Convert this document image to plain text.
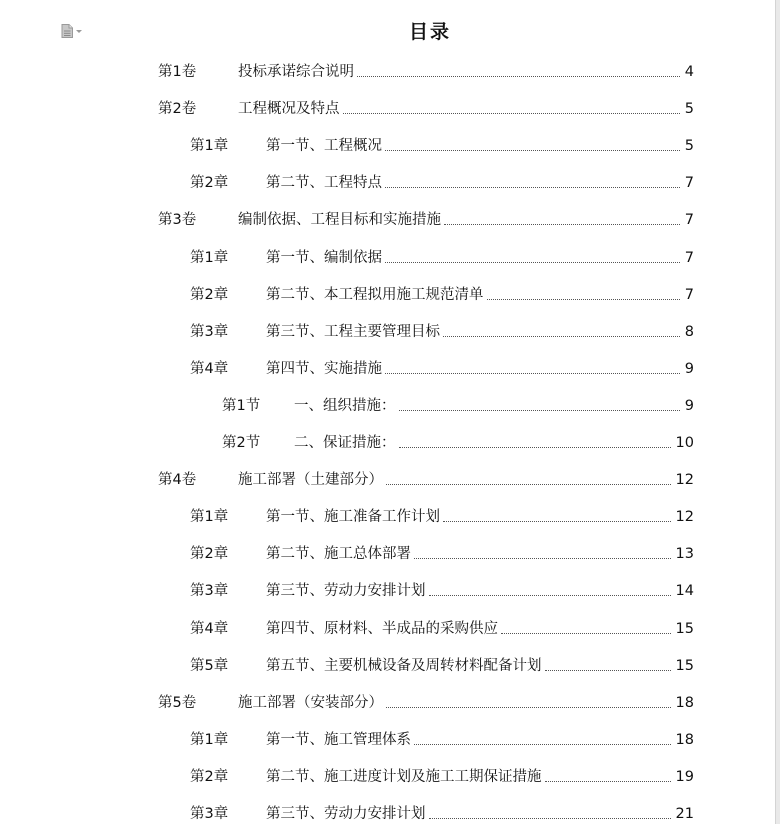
目录
第1卷	投标承诺综合说明	4
第2卷	工程概况及特点	5
第1章	第一节、工程概况	5
第2章	第二节、工程特点	7
第3卷	编制依据、工程目标和实施措施	7
第1章	第一节、编制依据	7
第2章	第二节、本工程拟用施工规范清单	7
第3章	第三节、工程主要管理目标	8
第4章	第四节、实施措施	9
第1节	一、组织措施：	9
第2节	二、保证措施：	10
第4卷	施工部署（土建部分）	12
第1章	第一节、施工准备工作计划	12
第2章	第二节、施工总体部署	13
第3章	第三节、劳动力安排计划	14
第4章	第四节、原材料、半成品的采购供应	15
第5章	第五节、主要机械设备及周转材料配备计划	15
第5卷	施工部署（安装部分）	18
第1章	第一节、施工管理体系	18
第2章	第二节、施工进度计划及施工工期保证措施	19
第3章	第三节、劳动力安排计划	21
